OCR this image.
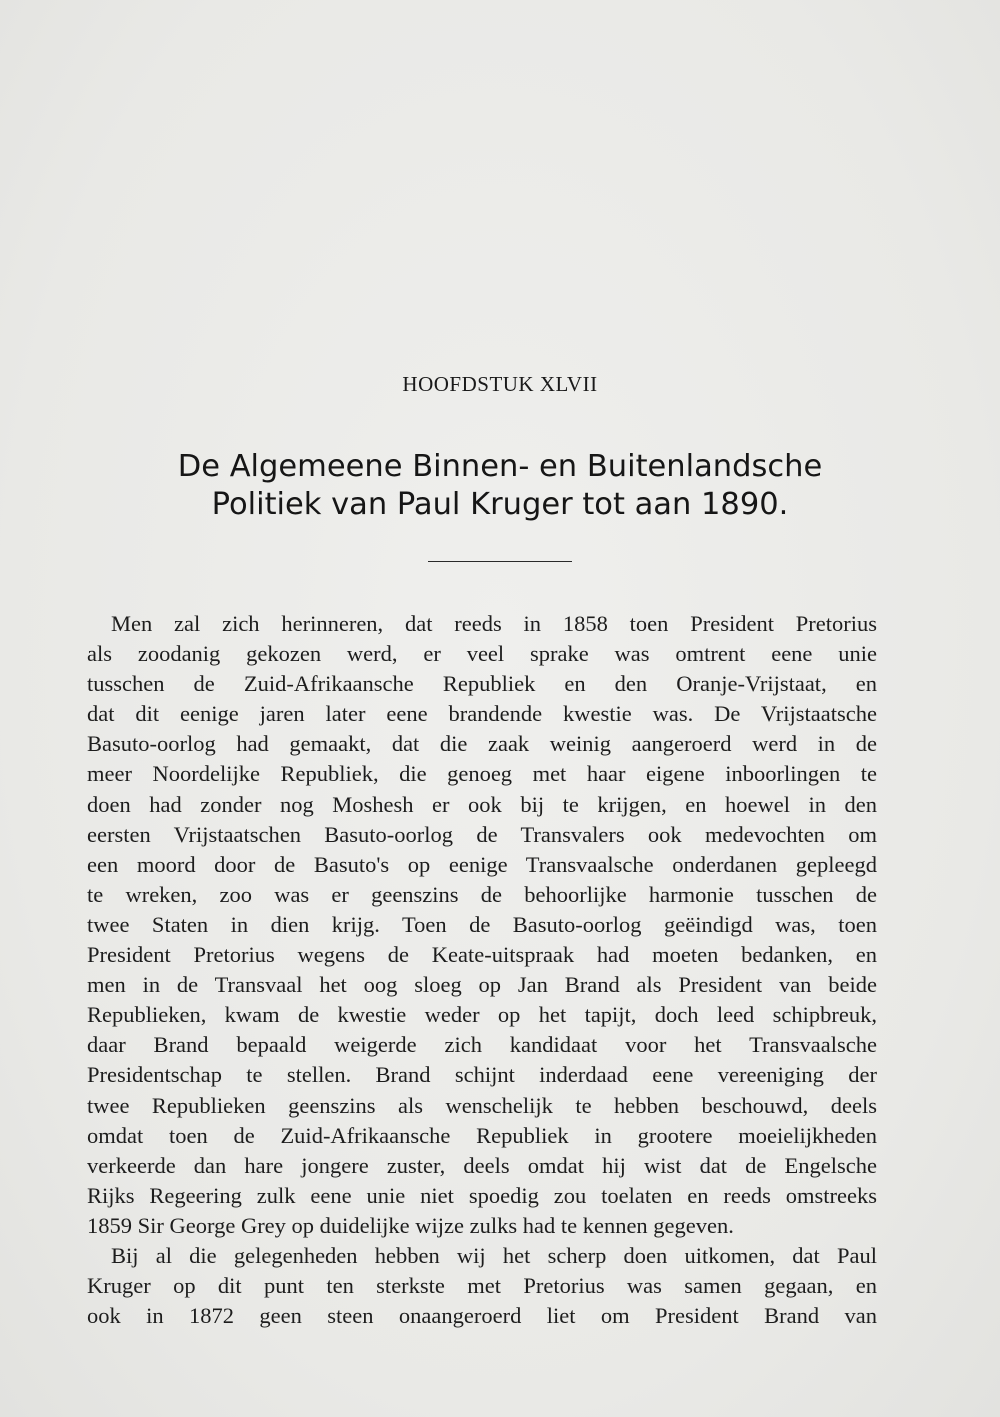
HOOFDSTUK XLVII
De Algemeene Binnen- en Buitenlandsche
Politiek van Paul Kruger tot aan 1890.
Men zal zich herinneren, dat reeds in 1858 toen President Pretorius
als zoodanig gekozen werd, er veel sprake was omtrent eene unie
tusschen de Zuid-Afrikaansche Republiek en den Oranje-Vrijstaat, en
dat dit eenige jaren later eene brandende kwestie was. De Vrijstaatsche
Basuto-oorlog had gemaakt, dat die zaak weinig aangeroerd werd in de
meer Noordelijke Republiek, die genoeg met haar eigene inboorlingen te
doen had zonder nog Moshesh er ook bij te krijgen, en hoewel in den
eersten Vrijstaatschen Basuto-oorlog de Transvalers ook medevochten om
een moord door de Basuto's op eenige Transvaalsche onderdanen gepleegd
te wreken, zoo was er geenszins de behoorlijke harmonie tusschen de
twee Staten in dien krijg. Toen de Basuto-oorlog geëindigd was, toen
President Pretorius wegens de Keate-uitspraak had moeten bedanken, en
men in de Transvaal het oog sloeg op Jan Brand als President van beide
Republieken, kwam de kwestie weder op het tapijt, doch leed schipbreuk,
daar Brand bepaald weigerde zich kandidaat voor het Transvaalsche
Presidentschap te stellen. Brand schijnt inderdaad eene vereeniging der
twee Republieken geenszins als wenschelijk te hebben beschouwd, deels
omdat toen de Zuid-Afrikaansche Republiek in grootere moeielijkheden
verkeerde dan hare jongere zuster, deels omdat hij wist dat de Engelsche
Rijks Regeering zulk eene unie niet spoedig zou toelaten en reeds omstreeks
1859 Sir George Grey op duidelijke wijze zulks had te kennen gegeven.
Bij al die gelegenheden hebben wij het scherp doen uitkomen, dat Paul
Kruger op dit punt ten sterkste met Pretorius was samen gegaan, en
ook in 1872 geen steen onaangeroerd liet om President Brand van
